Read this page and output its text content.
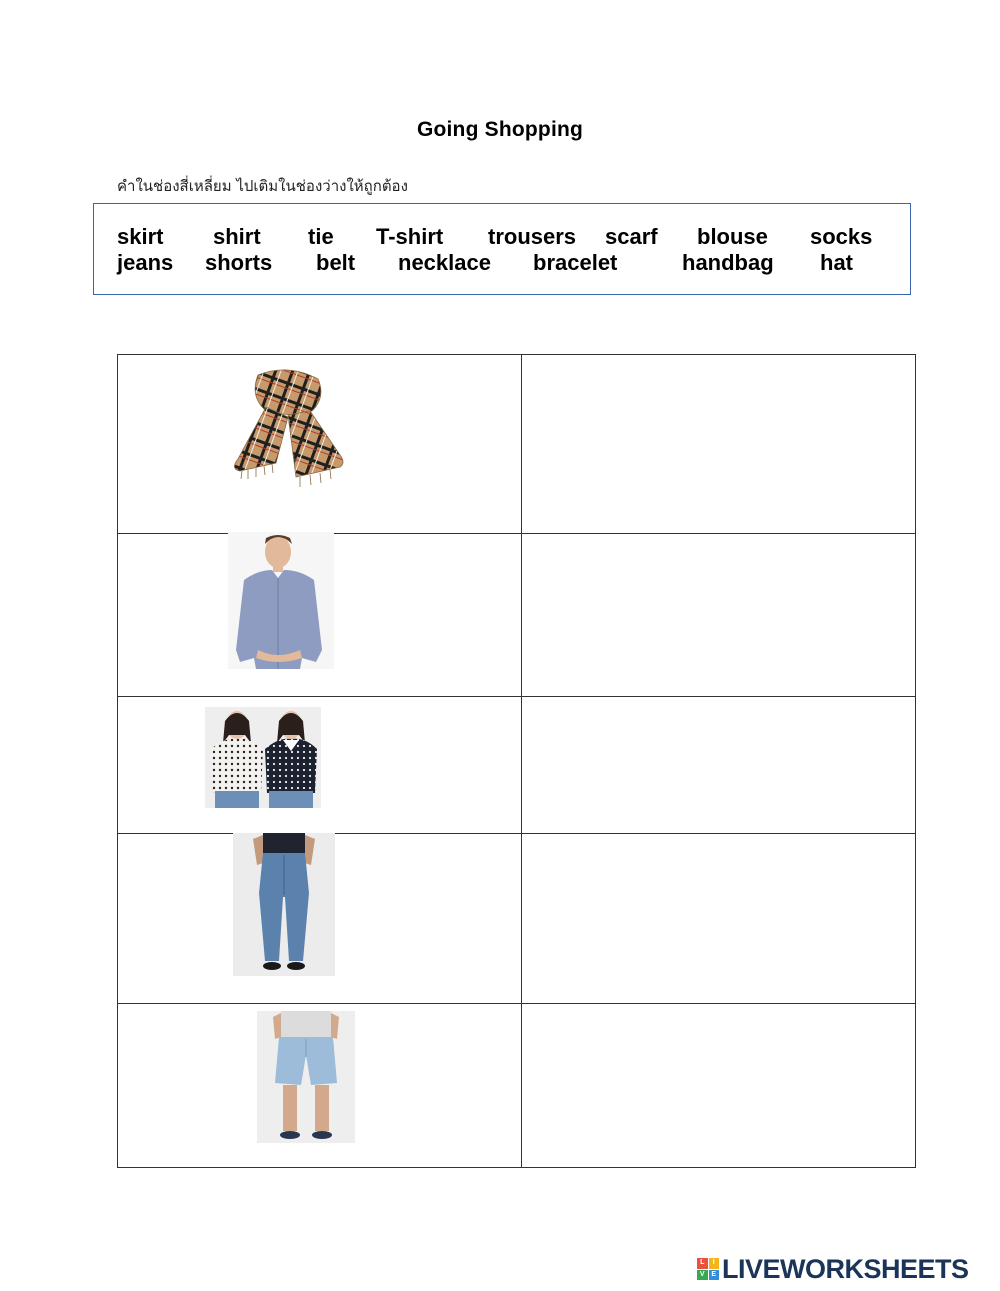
Going Shopping
คำในช่องสี่เหลี่ยม ไปเติมในช่องว่างให้ถูกต้อง
skirt shirt tie T-shirt trousers scarf blouse socks
jeans shorts belt necklace bracelet	handbag hat

L	I
V E LIVEWORKSHEETS
